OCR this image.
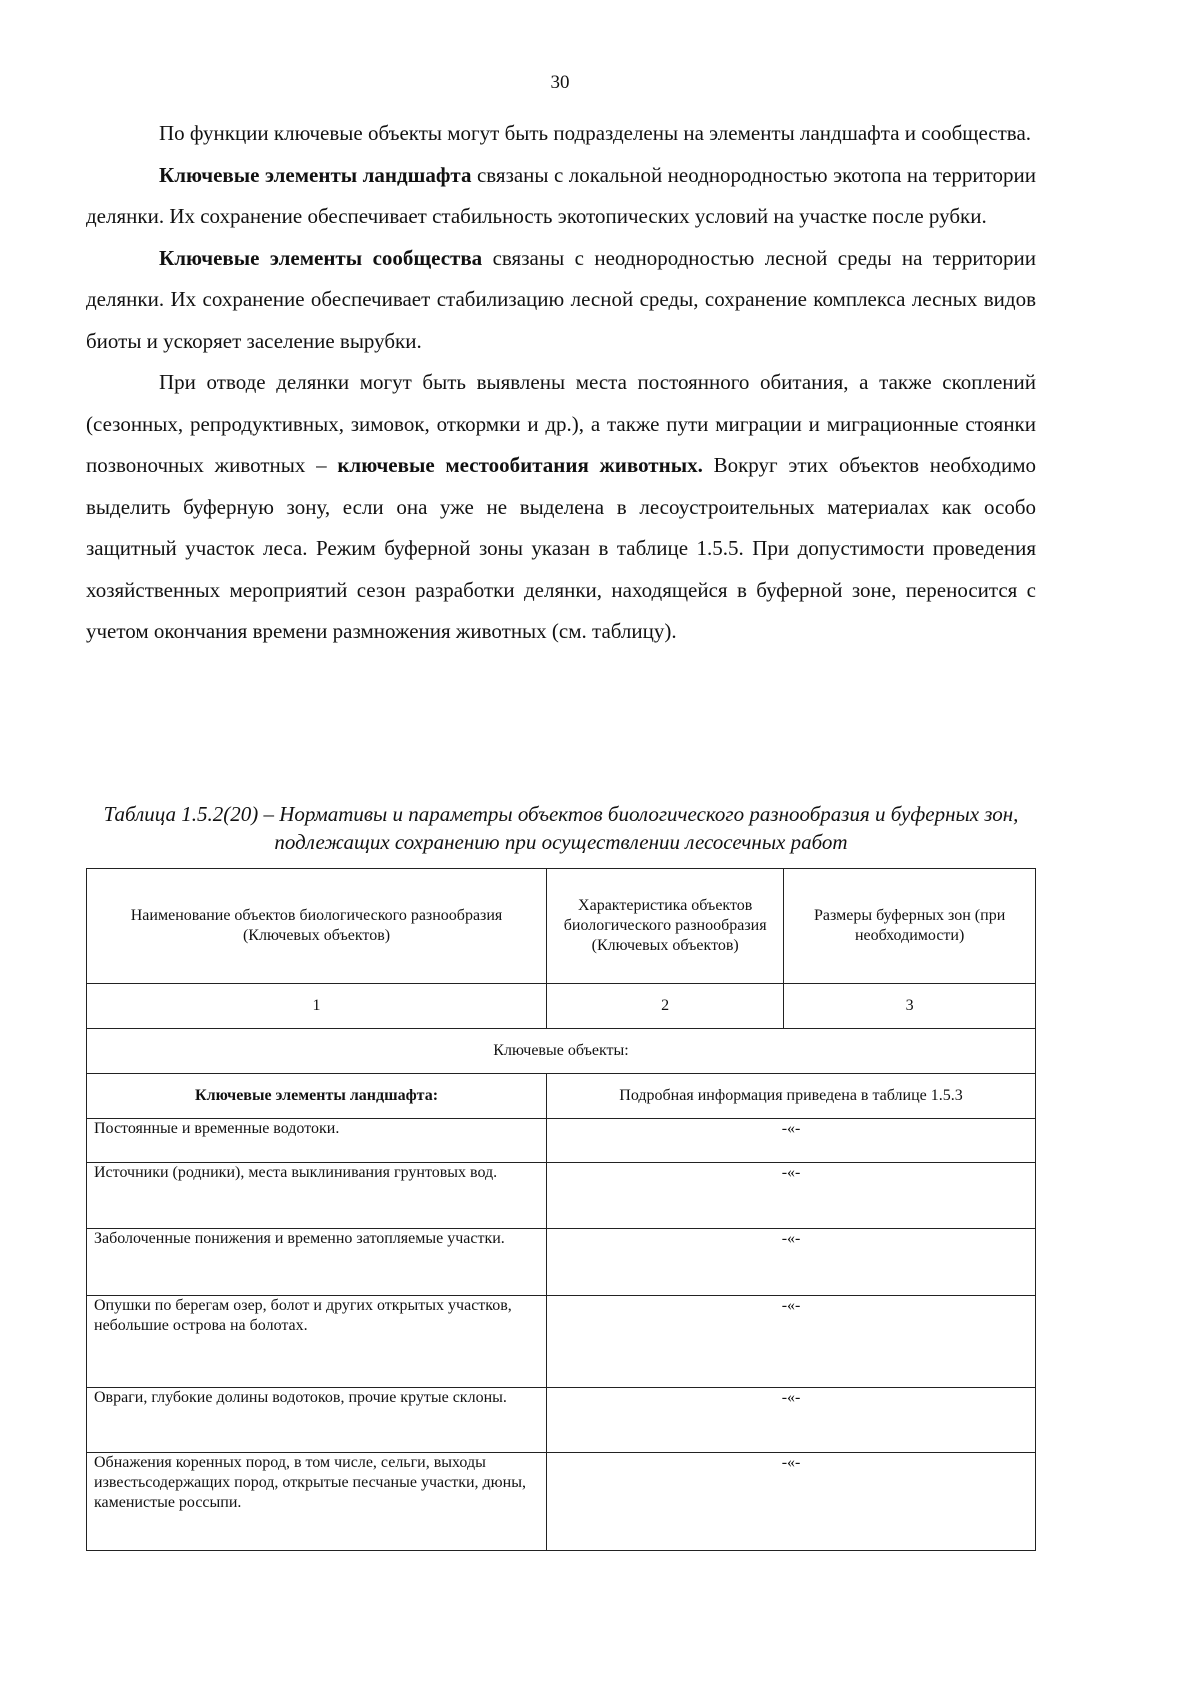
30

По функции ключевые объекты могут быть подразделены на элементы ландшафта и сообщества.

Ключевые элементы ландшафта связаны с локальной неоднородностью экотопа на территории делянки. Их сохранение обеспечивает стабильность экотопических условий на участке после рубки.

Ключевые элементы сообщества связаны с неоднородностью лесной среды на территории делянки. Их сохранение обеспечивает стабилизацию лесной среды, сохранение комплекса лесных видов биоты и ускоряет заселение вырубки.

При отводе делянки могут быть выявлены места постоянного обитания, а также скоплений (сезонных, репродуктивных, зимовок, откормки и др.), а также пути миграции и миграционные стоянки позвоночных животных – ключевые местообитания животных. Вокруг этих объектов необходимо выделить буферную зону, если она уже не выделена в лесоустроительных материалах как особо защитный участок леса. Режим буферной зоны указан в таблице 1.5.5. При допустимости проведения хозяйственных мероприятий сезон разработки делянки, находящейся в буферной зоне, переносится с учетом окончания времени размножения животных (см. таблицу).

Таблица 1.5.2(20) – Нормативы и параметры объектов биологического разнообразия и буферных зон, подлежащих сохранению при осуществлении лесосечных работ
Наименование объектов биологического разнообразия (Ключевых объектов)	Характеристика объектов биологического разнообразия (Ключевых объектов)	Размеры буферных зон (при необходимости)
1	2	3
Ключевые объекты:		
Ключевые элементы ландшафта:	Подробная информация приведена в таблице 1.5.3	
Постоянные и временные водотоки.	-«-	
Источники (родники), места выклинивания грунтовых вод.	-«-	
Заболоченные понижения и временно затопляемые участки.	-«-	
Опушки по берегам озер, болот и других открытых участков, небольшие острова на болотах.	-«-	
Овраги, глубокие долины водотоков, прочие крутые склоны.	-«-	
Обнажения коренных пород, в том числе, сельги, выходы известьсодержащих пород, открытые песчаные участки, дюны, каменистые россыпи.	-«-	
